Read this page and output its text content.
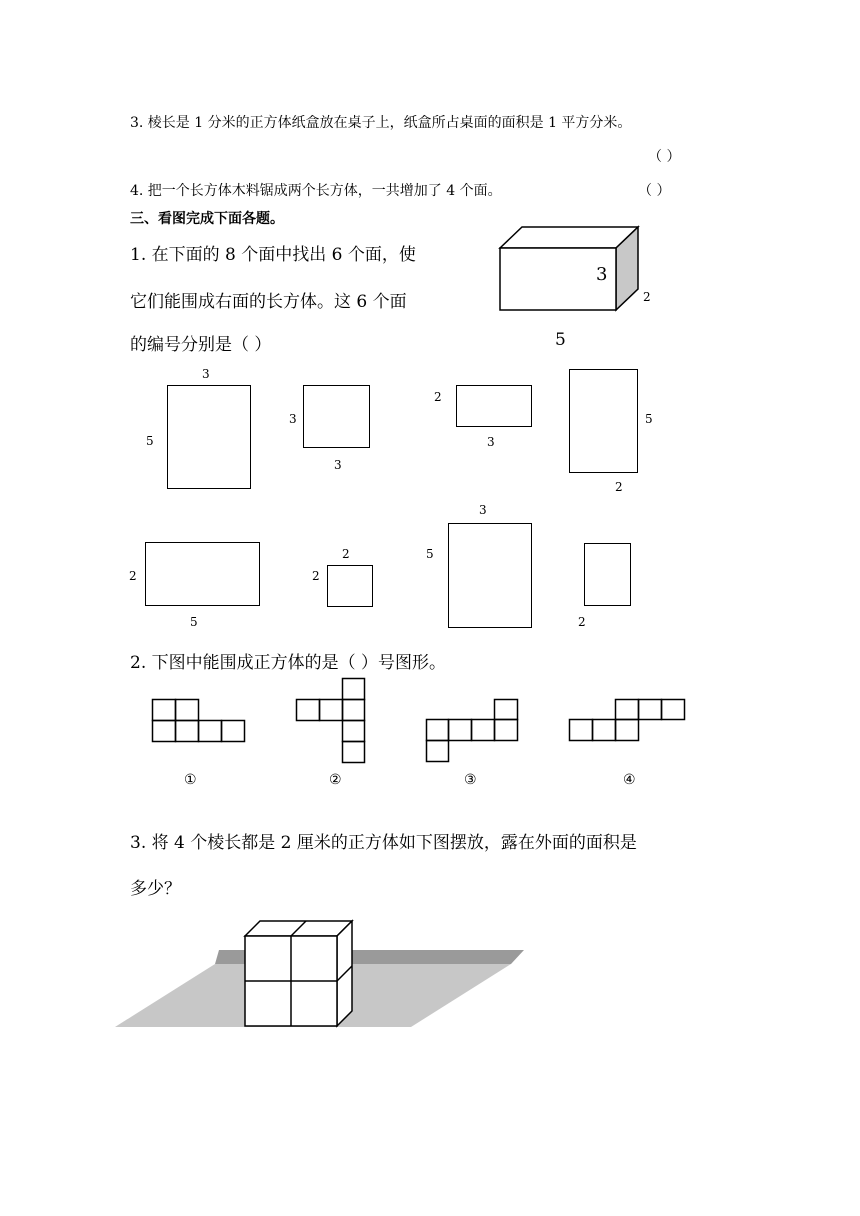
3. 棱长是 1 分米的正方体纸盒放在桌子上，纸盒所占桌面的面积是 1 平方分米。
（ ）
4. 把一个长方体木料锯成两个长方体，一共增加了 4 个面。	（ ）
三、看图完成下面各题。
1. 在下面的 8 个面中找出 6 个面，使
它们能围成右面的长方体。这 6 个面
的编号分别是（ ）
3
2
5
3
5
3
3
2
3
5
2
2
5
2
2
3
5
2
2. 下图中能围成正方体的是（ ）号图形。
①	②	③	④
3. 将 4 个棱长都是 2 厘米的正方体如下图摆放，露在外面的面积是
多少？
